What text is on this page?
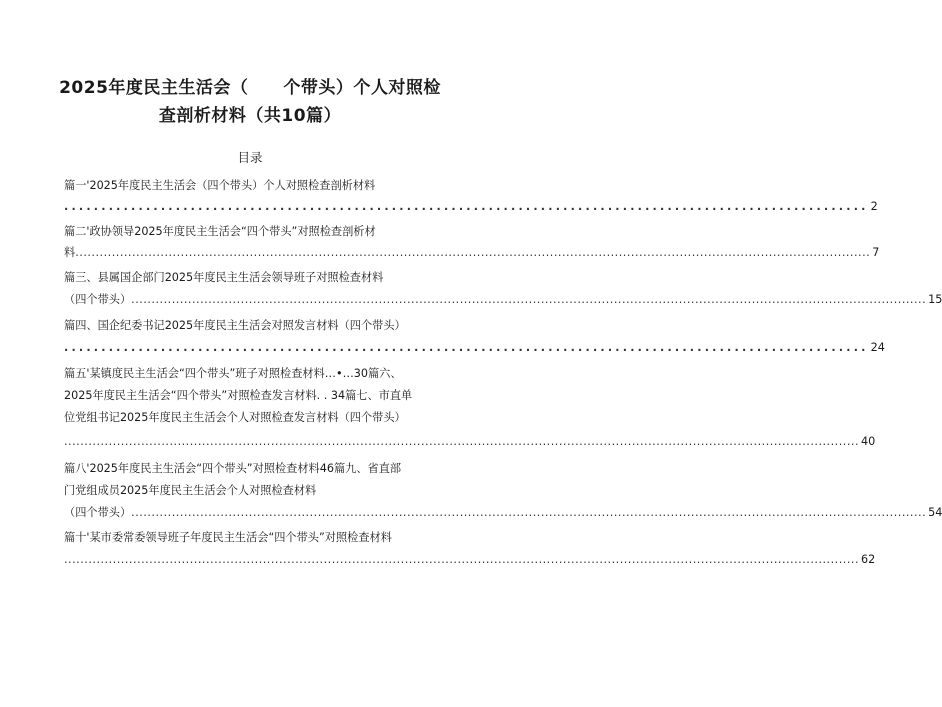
2025年度民主生活会（　　个带头）个人对照检
查剖析材料（共10篇）
目录
篇一'2025年度民主生活会（四个带头）个人对照检查剖析材料
............................................................................................................ 2
篇二'政协领导2025年度民主生活会“四个带头”对照检查剖析材
料 .................................................................................................................................................................................................... 7
篇三、县属国企部门2025年度民主生活会领导班子对照检查材料
（四个带头） .................................................................................................................................................................................................... 15
篇四、国企纪委书记2025年度民主生活会对照发言材料（四个带头）
............................................................................................................ 24
篇五'某镇度民主生活会“四个带头”班子对照检查材料…•…30篇六、
2025年度民主生活会“四个带头”对照检查发言材料. . 34篇七、市直单
位党组书记2025年度民主生活会个人对照检查发言材料（四个带头）
.................................................................................................................................................................................................... 40
篇八'2025年度民主生活会“四个带头”对照检查材料46篇九、省直部
门党组成员2025年度民主生活会个人对照检查材料
（四个带头） .................................................................................................................................................................................................... 54
篇十'某市委常委领导班子年度民主生活会“四个带头”对照检查材料
.................................................................................................................................................................................................... 62
